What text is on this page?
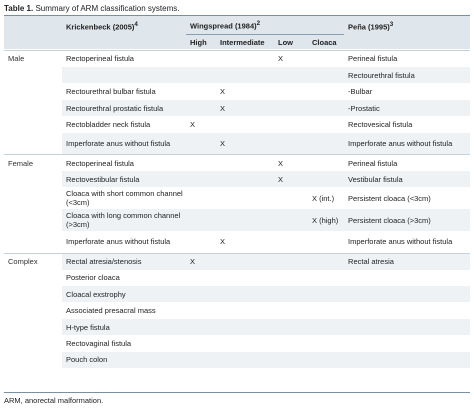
Table 1. Summary of ARM classification systems.
	Krickenbeck $(2005)^4$	Wingspread $(1984)^2$				Peña $(1995)^3$
		High	Intermediate	Low	Cloaca	
Male	Rectoperineal fistula			X		Perineal fistula
						Rectourethral fistula
	Rectourethral bulbar fistula		X			-Bulbar
	Rectourethral prostatic fistula		X			-Prostatic
	Rectobladder neck fistula	X				Rectovesical fistula
	Imperforate anus without fistula		X			Imperforate anus without fistula
Female	Rectoperineal fistula			X		Perineal fistula
	Rectovestibular fistula			X		Vestibular fistula
	Cloaca with short common channel (<3cm)				X (int.)	Persistent cloaca (<3cm)
	Cloaca with long common channel (>3cm)				X (high)	Persistent cloaca (>3cm)
	Imperforate anus without fistula		X			Imperforate anus without fistula
Complex	Rectal atresia/stenosis	X				Rectal atresia
	Posterior cloaca					
	Cloacal exstrophy					
	Associated presacral mass					
	H-type fistula					
	Rectovaginal fistula					
	Pouch colon					
ARM, anorectal malformation.
